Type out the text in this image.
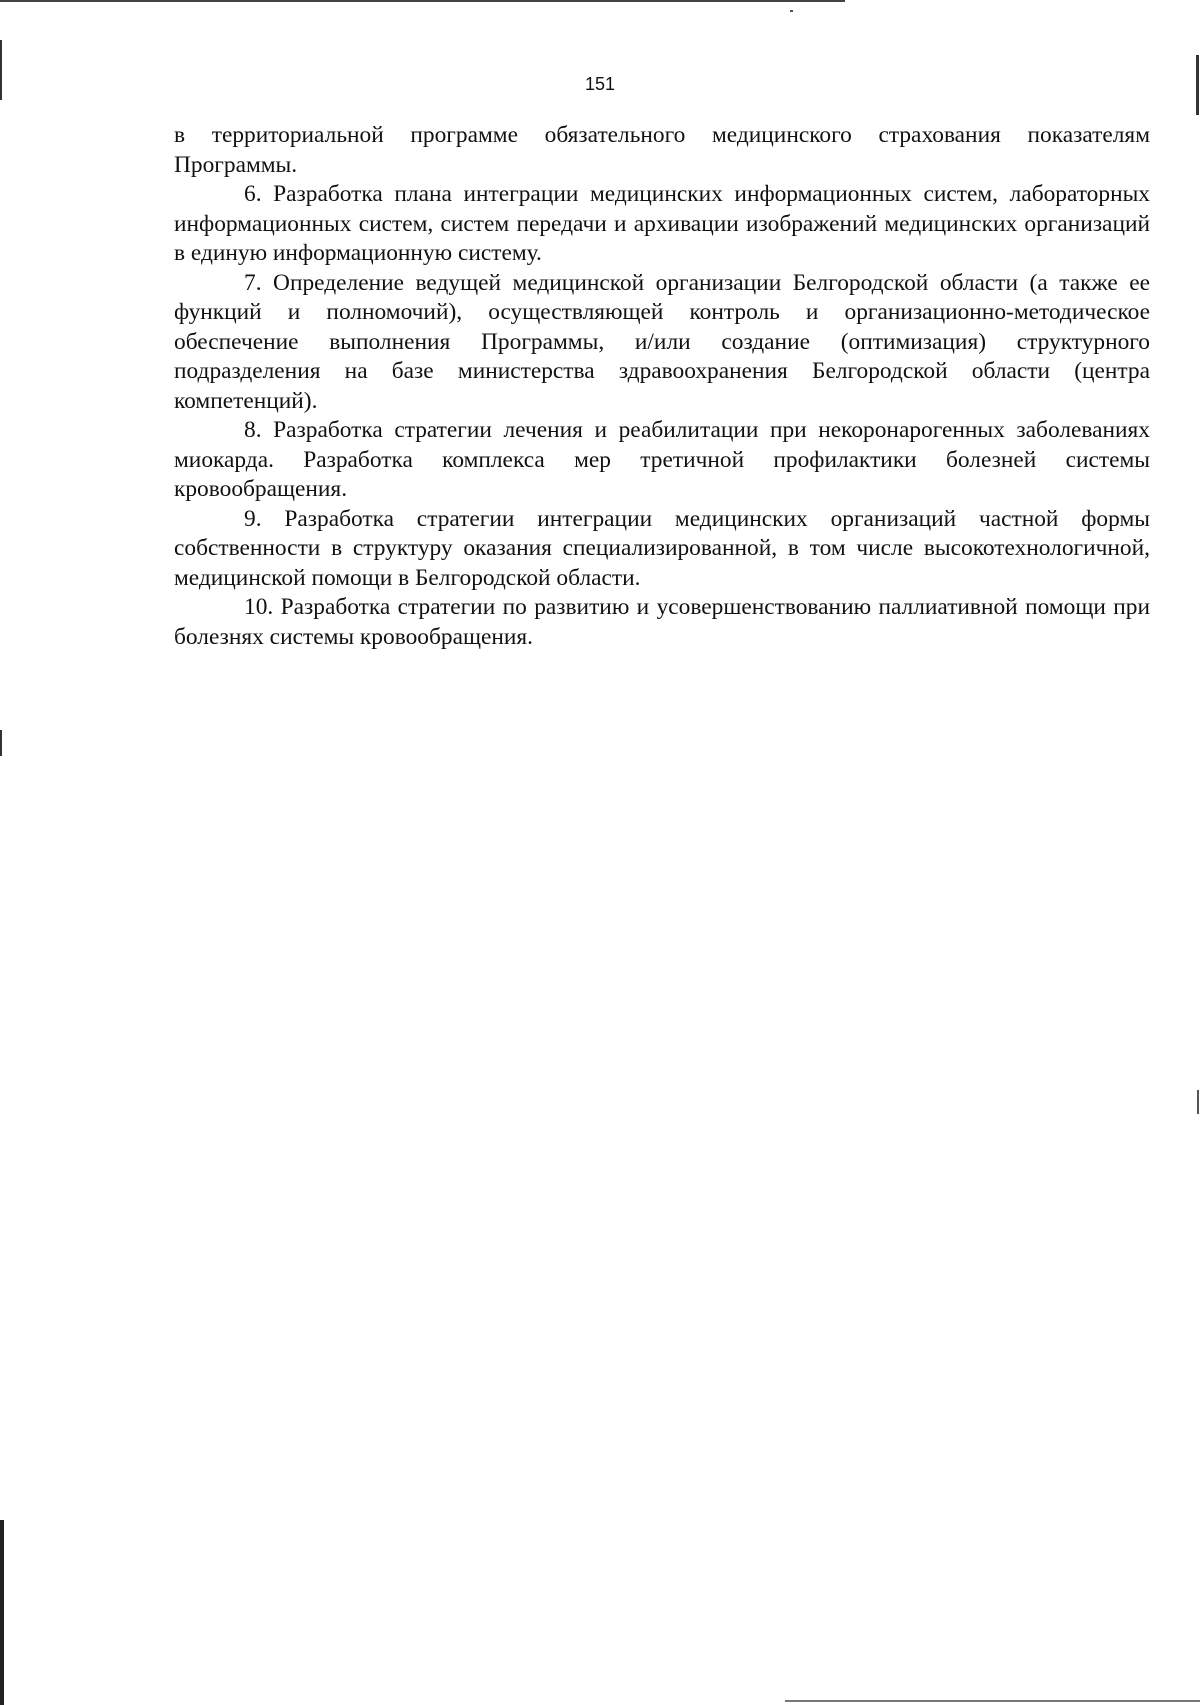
151

в территориальной программе обязательного медицинского страхования показателям Программы.

6. Разработка плана интеграции медицинских информационных систем, лабораторных информационных систем, систем передачи и архивации изображений медицинских организаций в единую информационную систему.

7. Определение ведущей медицинской организации Белгородской области (а также ее функций и полномочий), осуществляющей контроль и организационно-методическое обеспечение выполнения Программы, и/или создание (оптимизация) структурного подразделения на базе министерства здравоохранения Белгородской области (центра компетенций).

8. Разработка стратегии лечения и реабилитации при некоронарогенных заболеваниях миокарда. Разработка комплекса мер третичной профилактики болезней системы кровообращения.

9. Разработка стратегии интеграции медицинских организаций частной формы собственности в структуру оказания специализированной, в том числе высокотехнологичной, медицинской помощи в Белгородской области.

10. Разработка стратегии по развитию и усовершенствованию паллиативной помощи при болезнях системы кровообращения.
